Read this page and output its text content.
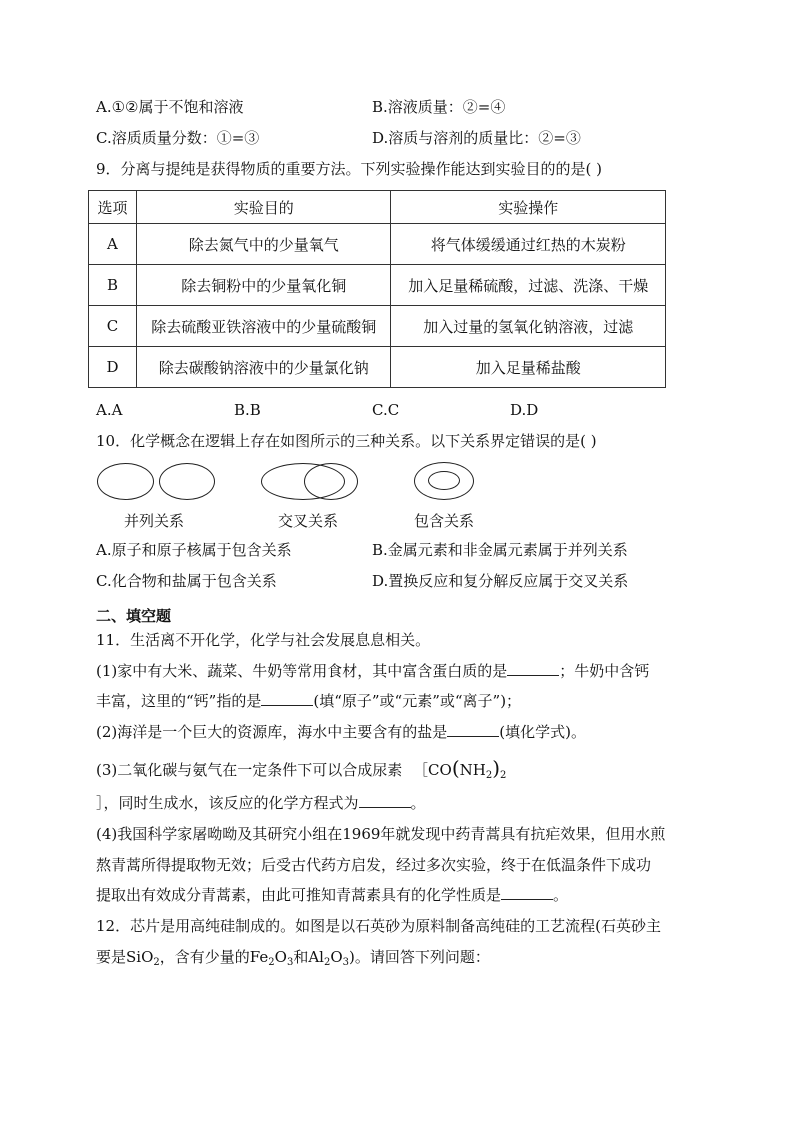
A.①②属于不饱和溶液	B.溶液质量：②=④
C.溶质质量分数：①=③	D.溶质与溶剂的质量比：②=③
9．分离与提纯是获得物质的重要方法。下列实验操作能达到实验目的的是( )
选项	实验目的	实验操作
A	除去氮气中的少量氧气	将气体缓缓通过红热的木炭粉
B	除去铜粉中的少量氧化铜	加入足量稀硫酸，过滤、洗涤、干燥
C	除去硫酸亚铁溶液中的少量硫酸铜	加入过量的氢氧化钠溶液，过滤
D	除去碳酸钠溶液中的少量氯化钠	加入足量稀盐酸
A.A	B.B	C.C	D.D
10．化学概念在逻辑上存在如图所示的三种关系。以下关系界定错误的是( )
并列关系	交叉关系	包含关系
A.原子和原子核属于包含关系	B.金属元素和非金属元素属于并列关系
C.化合物和盐属于包含关系	D.置换反应和复分解反应属于交叉关系
二、填空题
11．生活离不开化学，化学与社会发展息息相关。
(1)家中有大米、蔬菜、牛奶等常用食材，其中富含蛋白质的是	；牛奶中含钙
丰富，这里的“钙”指的是	(填“原子”或“元素”或“离子”)；
(2)海洋是一个巨大的资源库，海水中主要含有的盐是	(填化学式)。
(3)二氧化碳与氨气在一定条件下可以合成尿素 $[CO(NH_2)_2$
］，同时生成水，该反应的化学方程式为	。
(4)我国科学家屠呦呦及其研究小组在1969年就发现中药青蒿具有抗疟效果，但用水煎
熬青蒿所得提取物无效；后受古代药方启发，经过多次实验，终于在低温条件下成功
提取出有效成分青蒿素，由此可推知青蒿素具有的化学性质是	。
12．芯片是用高纯硅制成的。如图是以石英砂为原料制备高纯硅的工艺流程(石英砂主
要是SiO$_2$，含有少量的$Fe_2O_3$和$Al_2O_3$)。请回答下列问题：
